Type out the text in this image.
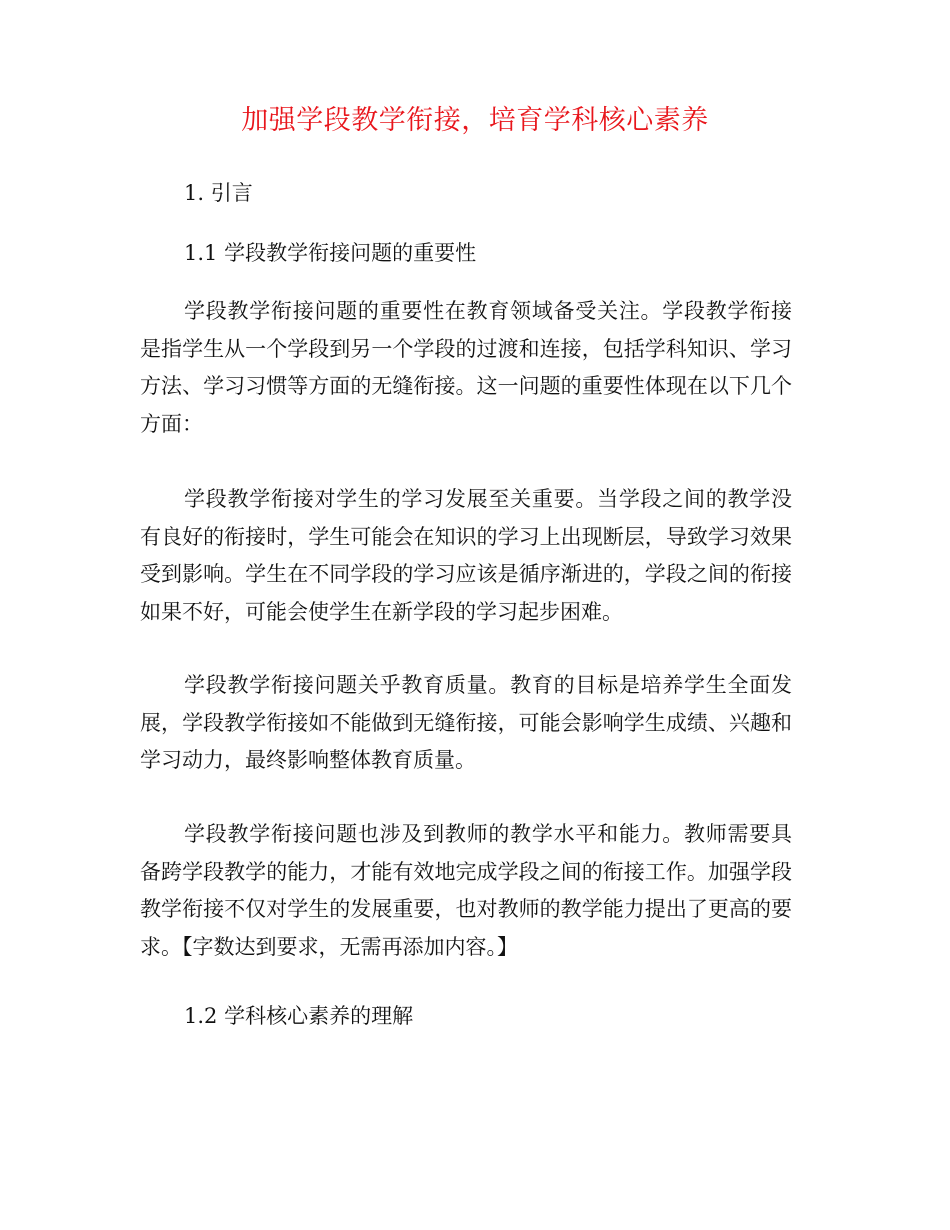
加强学段教学衔接，培育学科核心素养
1. 引言
1.1 学段教学衔接问题的重要性

学段教学衔接问题的重要性在教育领域备受关注。学段教学衔接是指学生从一个学段到另一个学段的过渡和连接，包括学科知识、学习方法、学习习惯等方面的无缝衔接。这一问题的重要性体现在以下几个方面：

学段教学衔接对学生的学习发展至关重要。当学段之间的教学没有良好的衔接时，学生可能会在知识的学习上出现断层，导致学习效果受到影响。学生在不同学段的学习应该是循序渐进的，学段之间的衔接如果不好，可能会使学生在新学段的学习起步困难。

学段教学衔接问题关乎教育质量。教育的目标是培养学生全面发展，学段教学衔接如不能做到无缝衔接，可能会影响学生成绩、兴趣和学习动力，最终影响整体教育质量。

学段教学衔接问题也涉及到教师的教学水平和能力。教师需要具备跨学段教学的能力，才能有效地完成学段之间的衔接工作。加强学段教学衔接不仅对学生的发展重要，也对教师的教学能力提出了更高的要求。【字数达到要求，无需再添加内容。】

1.2 学科核心素养的理解
